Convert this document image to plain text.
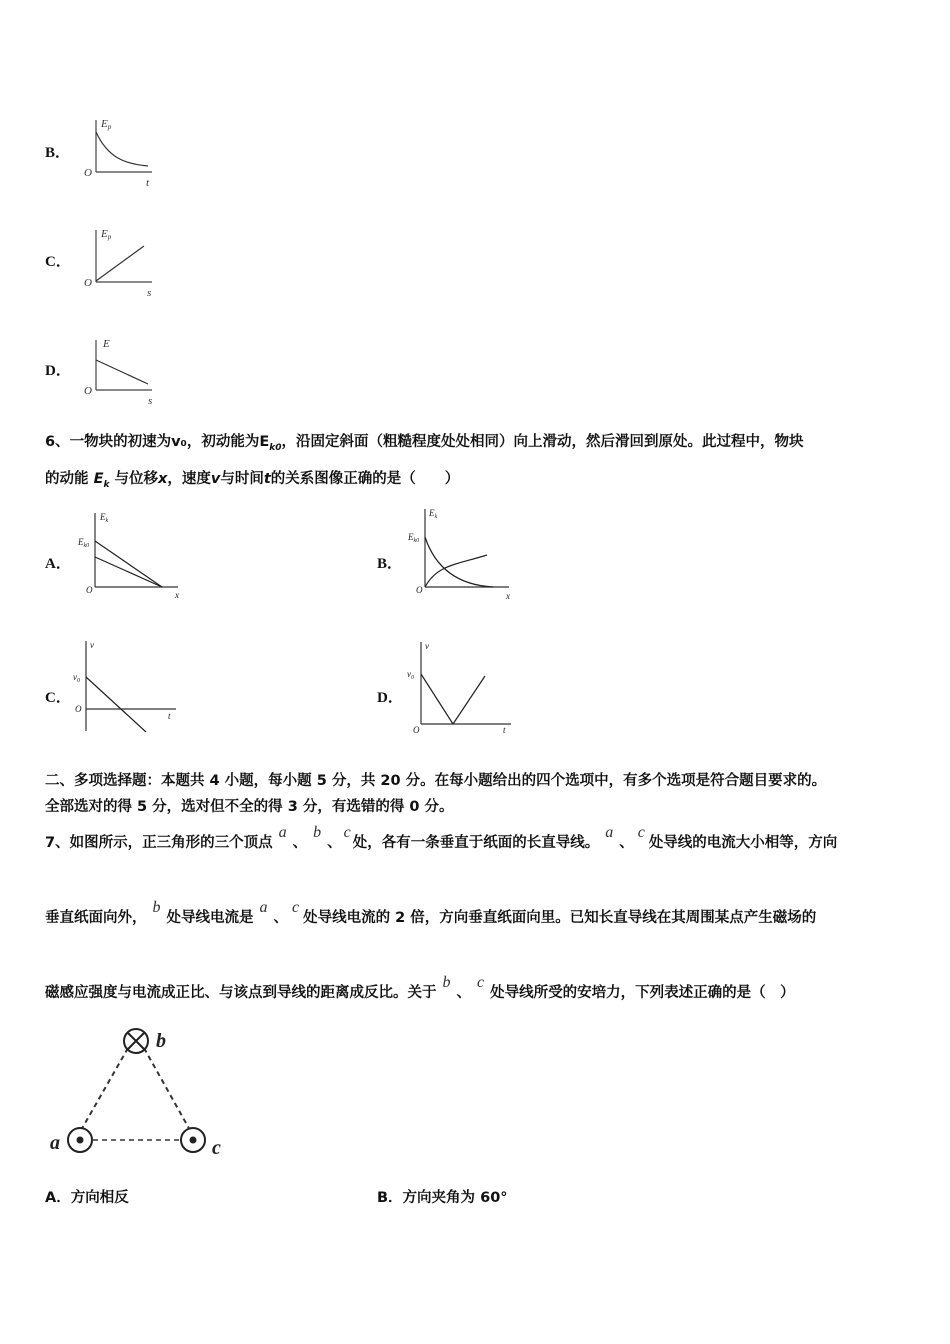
B．
Ep
O
t
C．
Ep
O
s
D．
E
O
s
6、一物块的初速为v₀，初动能为$E_{k0}$，沿固定斜面（粗糙程度处处相同）向上滑动，然后滑回到原处。此过程中，物块
的动能 $E_k$ 与位移x，速度v与时间t的关系图像正确的是（　　）
A．
$E_k$
$E_{k0}$
O	x
B．
$E_k$
$E_{k0}$
O
x
C．
v
$v_0$
O
t
D．
v
$v_0$
O	t
二、多项选择题：本题共 4 小题，每小题 5 分，共 20 分。在每小题给出的四个选项中，有多个选项是符合题目要求的。
全部选对的得 5 分，选对但不全的得 3 分，有选错的得 0 分。
7、如图所示，正三角形的三个顶点a、b、c处，各有一条垂直于纸面的长直导线。a、c处导线的电流大小相等，方向
垂直纸面向外，b处导线电流是a、c处导线电流的 2 倍，方向垂直纸面向里。已知长直导线在其周围某点产生磁场的
磁感应强度与电流成正比、与该点到导线的距离成反比。关于b、c处导线所受的安培力，下列表述正确的是（　）
b
a	c
A．方向相反	B．方向夹角为 60°
